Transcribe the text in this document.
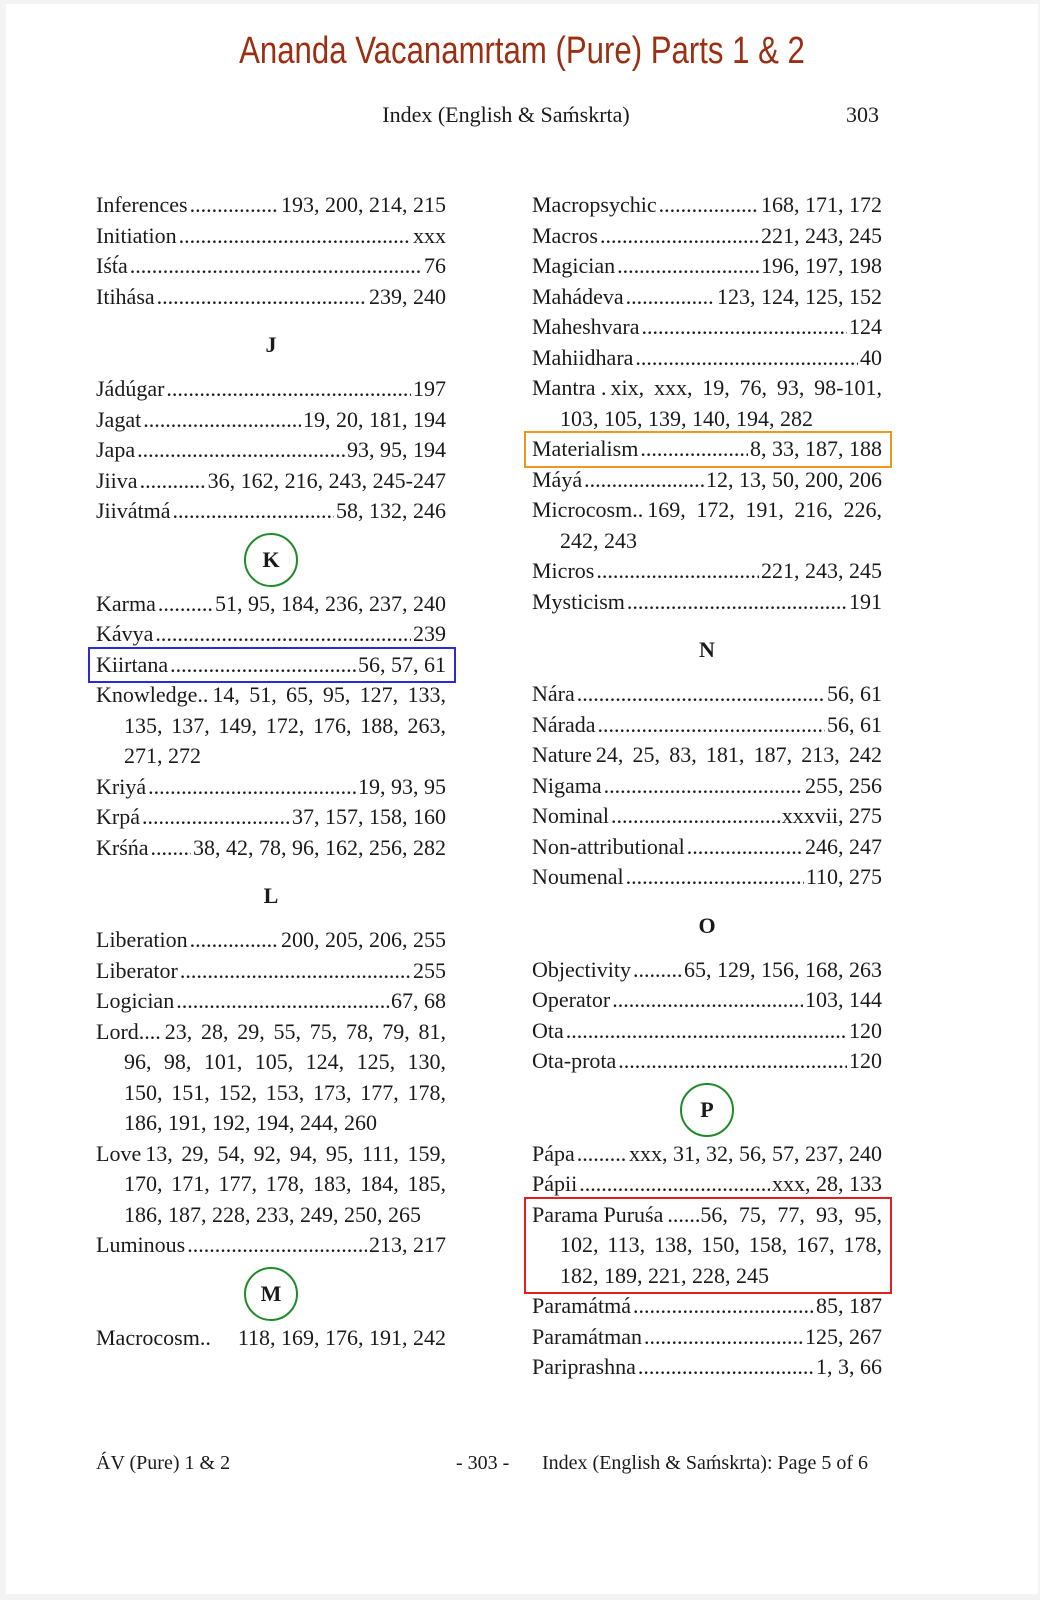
Ananda Vacanamrtam (Pure) Parts 1 & 2
Index (English & Saḿskrta)	303
Inferences .....	193, 200, 214, 215
Initiation .....	xxx
Iśt́a .....	76
Itihása .....	239, 240
J
Jádúgar .....	197
Jagat .....	19, 20, 181, 194
Japa .....	93, 95, 194
Jiiva .....	36, 162, 216, 243, 245-247
Jiivátmá .....	58, 132, 246
K
Karma .....	51, 95, 184, 236, 237, 240
Kávya .....	239
Kiirtana .....	56, 57, 61
Knowledge.. 14, 51, 65, 95, 127, 133,
135, 137, 149, 172, 176, 188, 263,
271, 272
Kriyá .....	19, 93, 95
Krpá .....	37, 157, 158, 160
Krśńa ..... 38, 42, 78, 96, 162, 256, 282
L
Liberation .....	200, 205, 206, 255
Liberator .....	255
Logician .....	67, 68
Lord.... 23, 28, 29, 55, 75, 78, 79, 81,
96, 98, 101, 105, 124, 125, 130,
150, 151, 152, 153, 173, 177, 178,
186, 191, 192, 194, 244, 260
Love 13, 29, 54, 92, 94, 95, 111, 159,
170, 171, 177, 178, 183, 184, 185,
186, 187, 228, 233, 249, 250, 265
Luminous .....	213, 217
M
Macrocosm.. 118, 169, 176, 191, 242
Macropsychic .....	168, 171, 172
Macros .....	221, 243, 245
Magician .....	196, 197, 198
Mahádeva .....	123, 124, 125, 152
Maheshvara .....	124
Mahiidhara .....	40
Mantra . xix, xxx, 19, 76, 93, 98-101,
103, 105, 139, 140, 194, 282
Materialism .....	8, 33, 187, 188
Máyá .....	12, 13, 50, 200, 206
Microcosm.. 169, 172, 191, 216, 226,
242, 243
Micros .....	221, 243, 245
Mysticism .....	191
N
Nára .....	56, 61
Nárada .....	56, 61
Nature 24, 25, 83, 181, 187, 213, 242
Nigama .....	255, 256
Nominal .....	xxxvii, 275
Non-attributional .....	246, 247
Noumenal .....	110, 275
O
Objectivity ..... 65, 129, 156, 168, 263
Operator .....	103, 144
Ota .....	120
Ota-prota .....	120
P
Pápa ..... xxx, 31, 32, 56, 57, 237, 240
Pápii .....	xxx, 28, 133
Parama Puruśa ......56, 75, 77, 93, 95,
102, 113, 138, 150, 158, 167, 178,
182, 189, 221, 228, 245
Paramátmá .....	85, 187
Paramátman .....	125, 267
Pariprashna .....	1, 3, 66
ÁV (Pure) 1 & 2	- 303 - Index (English & Saḿskrta): Page 5 of 6
